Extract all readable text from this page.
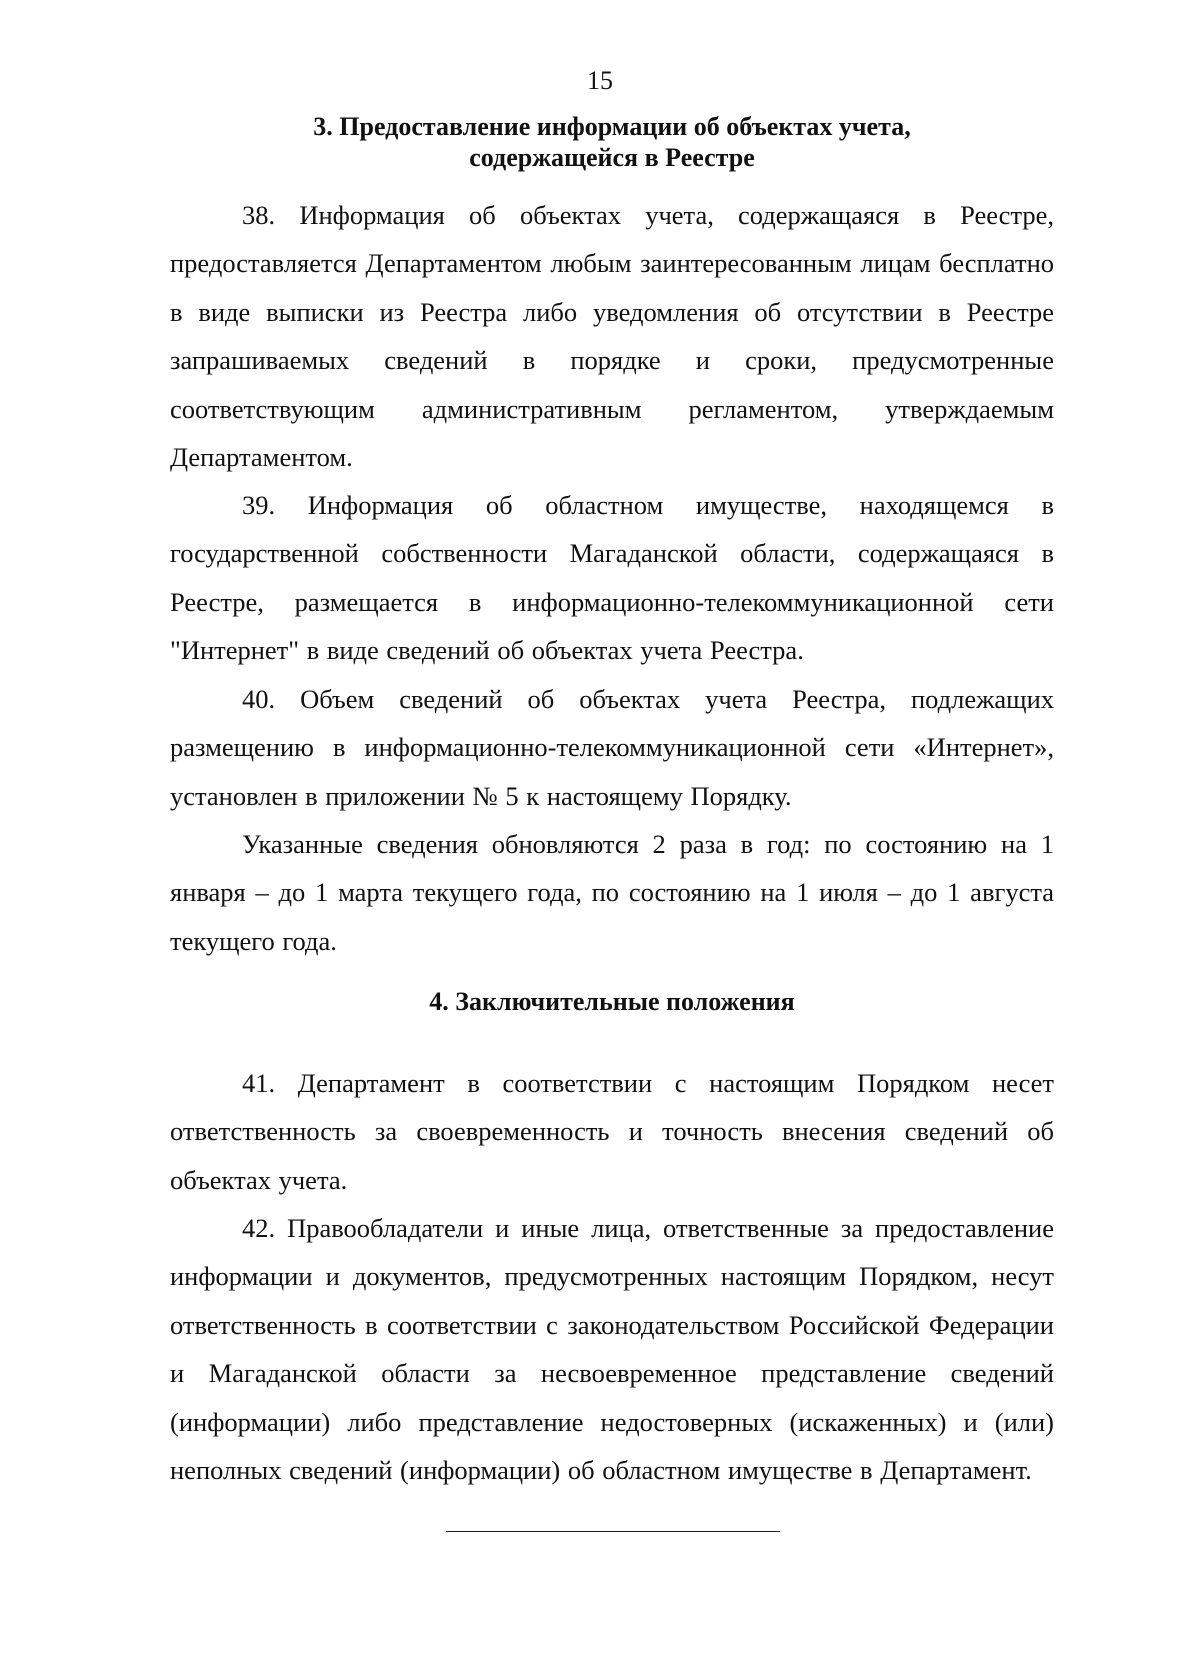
15
3. Предоставление информации об объектах учета,
содержащейся в Реестре

38. Информация об объектах учета, содержащаяся в Реестре, предоставляется Департаментом любым заинтересованным лицам бесплатно в виде выписки из Реестра либо уведомления об отсутствии в Реестре запрашиваемых сведений в порядке и сроки, предусмотренные соответствующим административным регламентом, утверждаемым Департаментом.

39. Информация об областном имуществе, находящемся в государственной собственности Магаданской области, содержащаяся в Реестре, размещается в информационно-телекоммуникационной сети "Интернет" в виде сведений об объектах учета Реестра.

40. Объем сведений об объектах учета Реестра, подлежащих размещению в информационно-телекоммуникационной сети «Интернет», установлен в приложении № 5 к настоящему Порядку.

Указанные сведения обновляются 2 раза в год: по состоянию на 1 января – до 1 марта текущего года, по состоянию на 1 июля – до 1 августа текущего года.

4. Заключительные положения

41. Департамент в соответствии с настоящим Порядком несет ответственность за своевременность и точность внесения сведений об объектах учета.

42. Правообладатели и иные лица, ответственные за предоставление информации и документов, предусмотренных настоящим Порядком, несут ответственность в соответствии с законодательством Российской Федерации и Магаданской области за несвоевременное представление сведений (информации) либо представление недостоверных (искаженных) и (или) неполных сведений (информации) об областном имуществе в Департамент.
